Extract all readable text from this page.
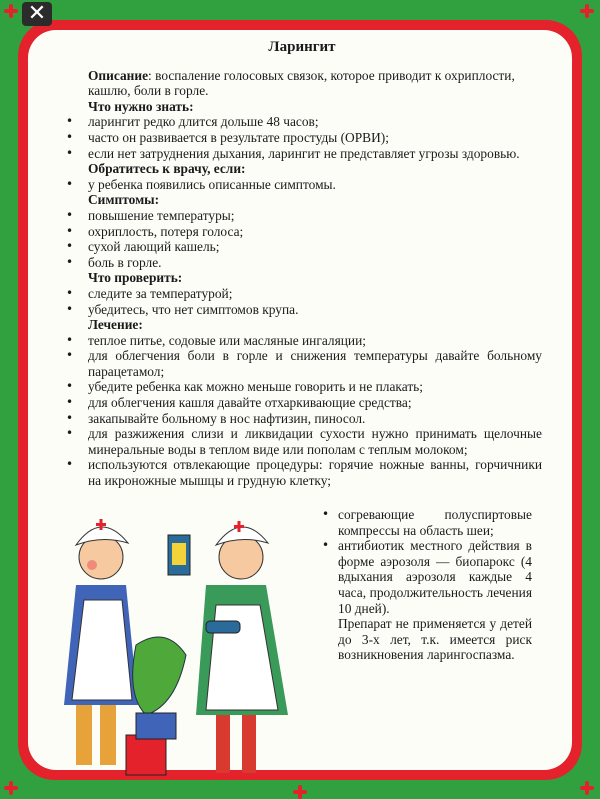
✕
Ларингит

Описание: воспаление голосовых связок, которое приводит к охриплости, кашлю, боли в горле.

Что нужно знать:

• ларингит редко длится дольше 48 часов;
• часто он развивается в результате простуды (ОРВИ);
• если нет затруднения дыхания, ларингит не представляет угрозы здоровью.

Обратитесь к врачу, если:

• у ребенка появились описанные симптомы.

Симптомы:

• повышение температуры;
• охриплость, потеря голоса;
• сухой лающий кашель;
• боль в горле.

Что проверить:

• следите за температурой;
• убедитесь, что нет симптомов крупа.

Лечение:

• теплое питье, содовые или масляные ингаляции;
• для облегчения боли в горле и снижения температуры давайте больному парацетамол;
• убедите ребенка как можно меньше говорить и не плакать;
• для облегчения кашля давайте отхаркивающие средства;
• закапывайте больному в нос нафтизин, пиносол.
• для разжижения слизи и ликвидации сухости нужно принимать щелочные минеральные воды в теплом виде или пополам с теплым молоком;
• используются отвлекающие процедуры: горячие ножные ванны, горчичники на икроножные мышцы и грудную клетку;
• согревающие полуспиртовые компрессы на область шеи;
• антибиотик местного действия в форме аэрозоля — биопарокс (4 вдыхания аэрозоля каждые 4 часа, продолжительность лечения 10 дней).

Препарат не применяется у детей до 3-х лет, т.к. имеется риск возникновения ларингоспазма.
